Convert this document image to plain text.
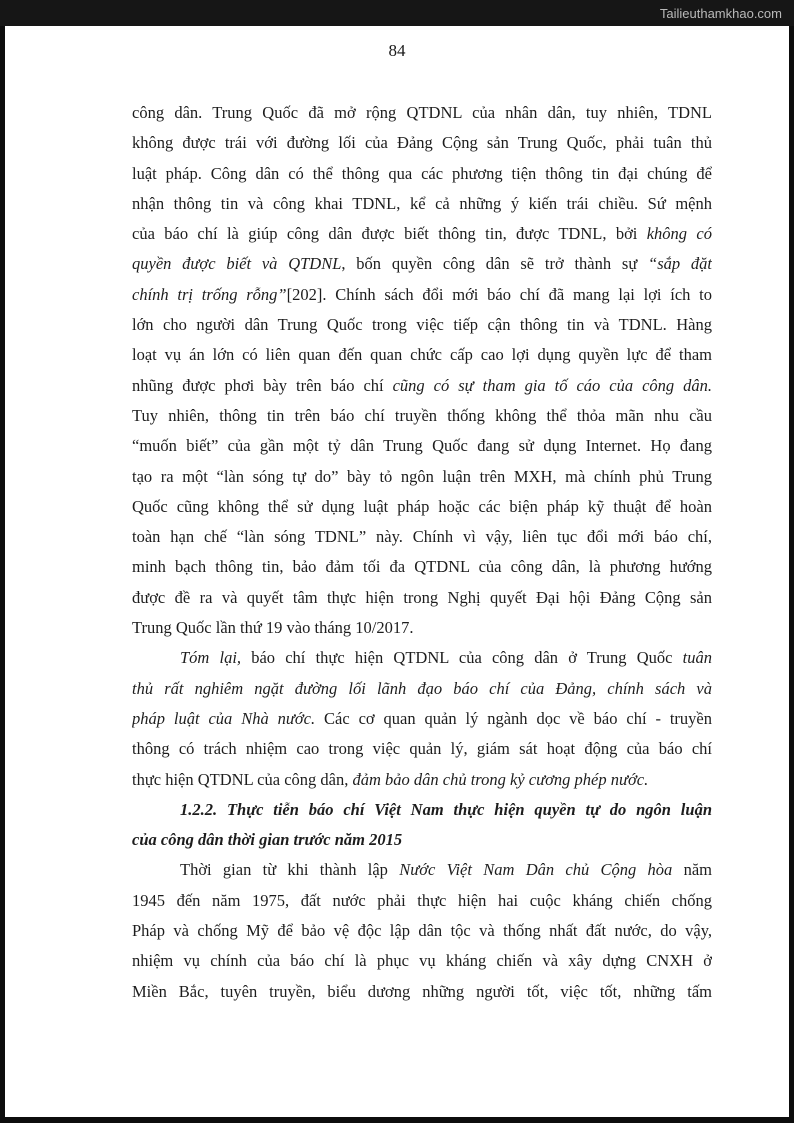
Tailieuthamkhao.com
84
công dân. Trung Quốc đã mở rộng QTDNL của nhân dân, tuy nhiên, TDNL
không được trái với đường lối của Đảng Cộng sản Trung Quốc, phải tuân thủ
luật pháp. Công dân có thể thông qua các phương tiện thông tin đại chúng để
nhận thông tin và công khai TDNL, kể cả những ý kiến trái chiều. Sứ mệnh
của báo chí là giúp công dân được biết thông tin, được TDNL, bởi không có
quyền được biết và QTDNL, bốn quyền công dân sẽ trở thành sự “sắp đặt
chính trị trống rỗng”[202]. Chính sách đổi mới báo chí đã mang lại lợi ích to
lớn cho người dân Trung Quốc trong việc tiếp cận thông tin và TDNL. Hàng
loạt vụ án lớn có liên quan đến quan chức cấp cao lợi dụng quyền lực để tham
nhũng được phơi bày trên báo chí cũng có sự tham gia tố cáo của công dân.
Tuy nhiên, thông tin trên báo chí truyền thống không thể thỏa mãn nhu cầu
“muốn biết” của gần một tỷ dân Trung Quốc đang sử dụng Internet. Họ đang
tạo ra một “làn sóng tự do” bày tỏ ngôn luận trên MXH, mà chính phủ Trung
Quốc cũng không thể sử dụng luật pháp hoặc các biện pháp kỹ thuật để hoàn
toàn hạn chế “làn sóng TDNL” này. Chính vì vậy, liên tục đổi mới báo chí,
minh bạch thông tin, bảo đảm tối đa QTDNL của công dân, là phương hướng
được đề ra và quyết tâm thực hiện trong Nghị quyết Đại hội Đảng Cộng sản
Trung Quốc lần thứ 19 vào tháng 10/2017.
Tóm lại, báo chí thực hiện QTDNL của công dân ở Trung Quốc tuân
thủ rất nghiêm ngặt đường lối lãnh đạo báo chí của Đảng, chính sách và
pháp luật của Nhà nước. Các cơ quan quản lý ngành dọc về báo chí - truyền
thông có trách nhiệm cao trong việc quản lý, giám sát hoạt động của báo chí
thực hiện QTDNL của công dân, đảm bảo dân chủ trong kỷ cương phép nước.
1.2.2. Thực tiễn báo chí Việt Nam thực hiện quyền tự do ngôn luận
của công dân thời gian trước năm 2015
Thời gian từ khi thành lập Nước Việt Nam Dân chủ Cộng hòa năm
1945 đến năm 1975, đất nước phải thực hiện hai cuộc kháng chiến chống
Pháp và chống Mỹ để bảo vệ độc lập dân tộc và thống nhất đất nước, do vậy,
nhiệm vụ chính của báo chí là phục vụ kháng chiến và xây dựng CNXH ở
Miền Bắc, tuyên truyền, biểu dương những người tốt, việc tốt, những tấm
